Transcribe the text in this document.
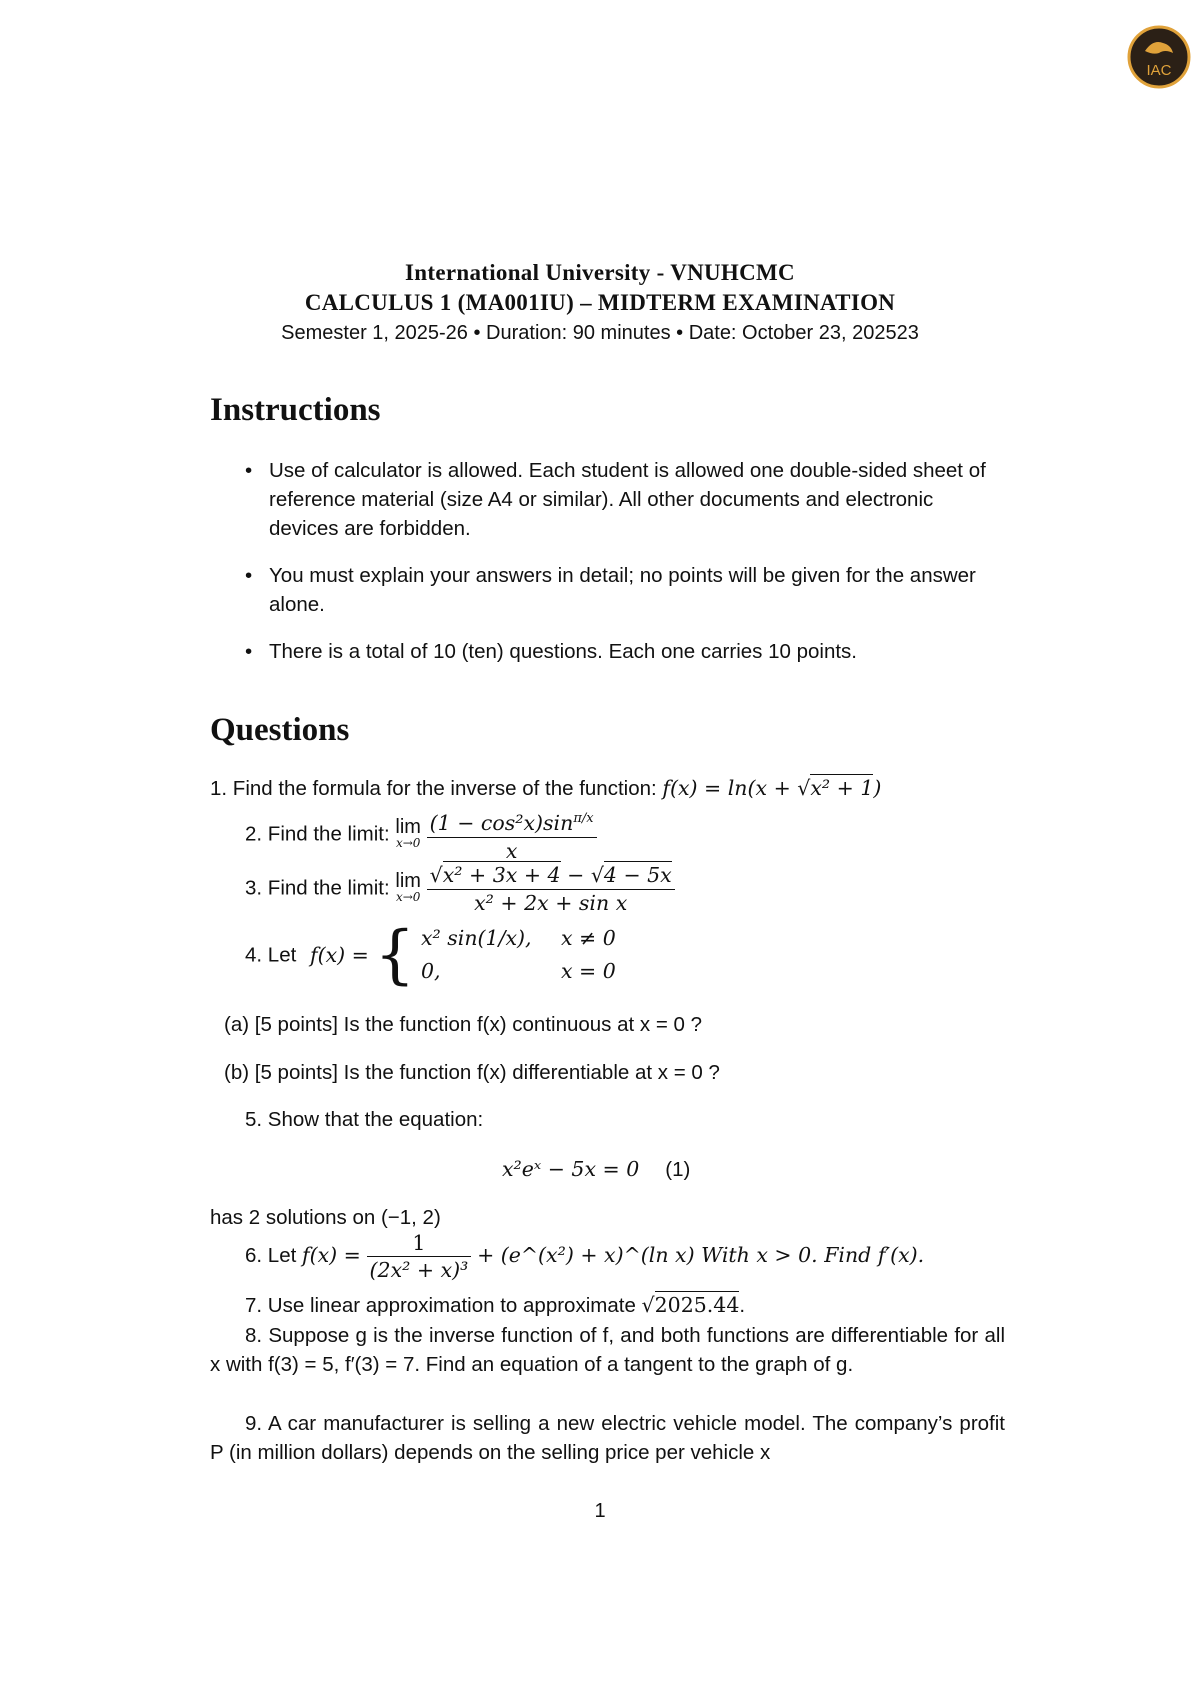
IAC
International University - VNUHCMC
CALCULUS 1 (MA001IU) – MIDTERM EXAMINATION
Semester 1, 2025-26 • Duration: 90 minutes • Date: October 23, 202523
Instructions
• Use of calculator is allowed. Each student is allowed one double-sided sheet of reference material (size A4 or similar). All other documents and electronic devices are forbidden.
• You must explain your answers in detail; no points will be given for the answer alone.
• There is a total of 10 (ten) questions. Each one carries 10 points.
Questions
1. Find the formula for the inverse of the function: f(x) = ln(x + √x² + 1)
2. Find the limit: lim
x→0
$\frac{(1 - \cos^2x)\sin^{\pi/x}}{x}$
3. Find the limit: lim
x→0
$\frac{\text{√x² + 3x + 4 − √4 − 5x}}{\text{x² + 2x + sin x}}$
4. Let f(x) = { x² sin(1/x), x ≠ 0
0,	x = 0
(a) [5 points] Is the function f(x) continuous at x = 0 ?
(b) [5 points] Is the function f(x) differentiable at x = 0 ?
5. Show that the equation:
x²eˣ − 5x = 0 (1)
has 2 solutions on (−1, 2)
6. Let $f(x) = \frac{1}{\text{(2x² + x)³}}$ + (e^(x²) + x)^(ln x) With x > 0. Find f′(x).
7. Use linear approximation to approximate √2025.44.
8. Suppose g is the inverse function of f, and both functions are differentiable for all x with f(3) = 5, f′(3) = 7. Find an equation of a tangent to the graph of g.
9. A car manufacturer is selling a new electric vehicle model. The company’s profit P (in million dollars) depends on the selling price per vehicle x
1
